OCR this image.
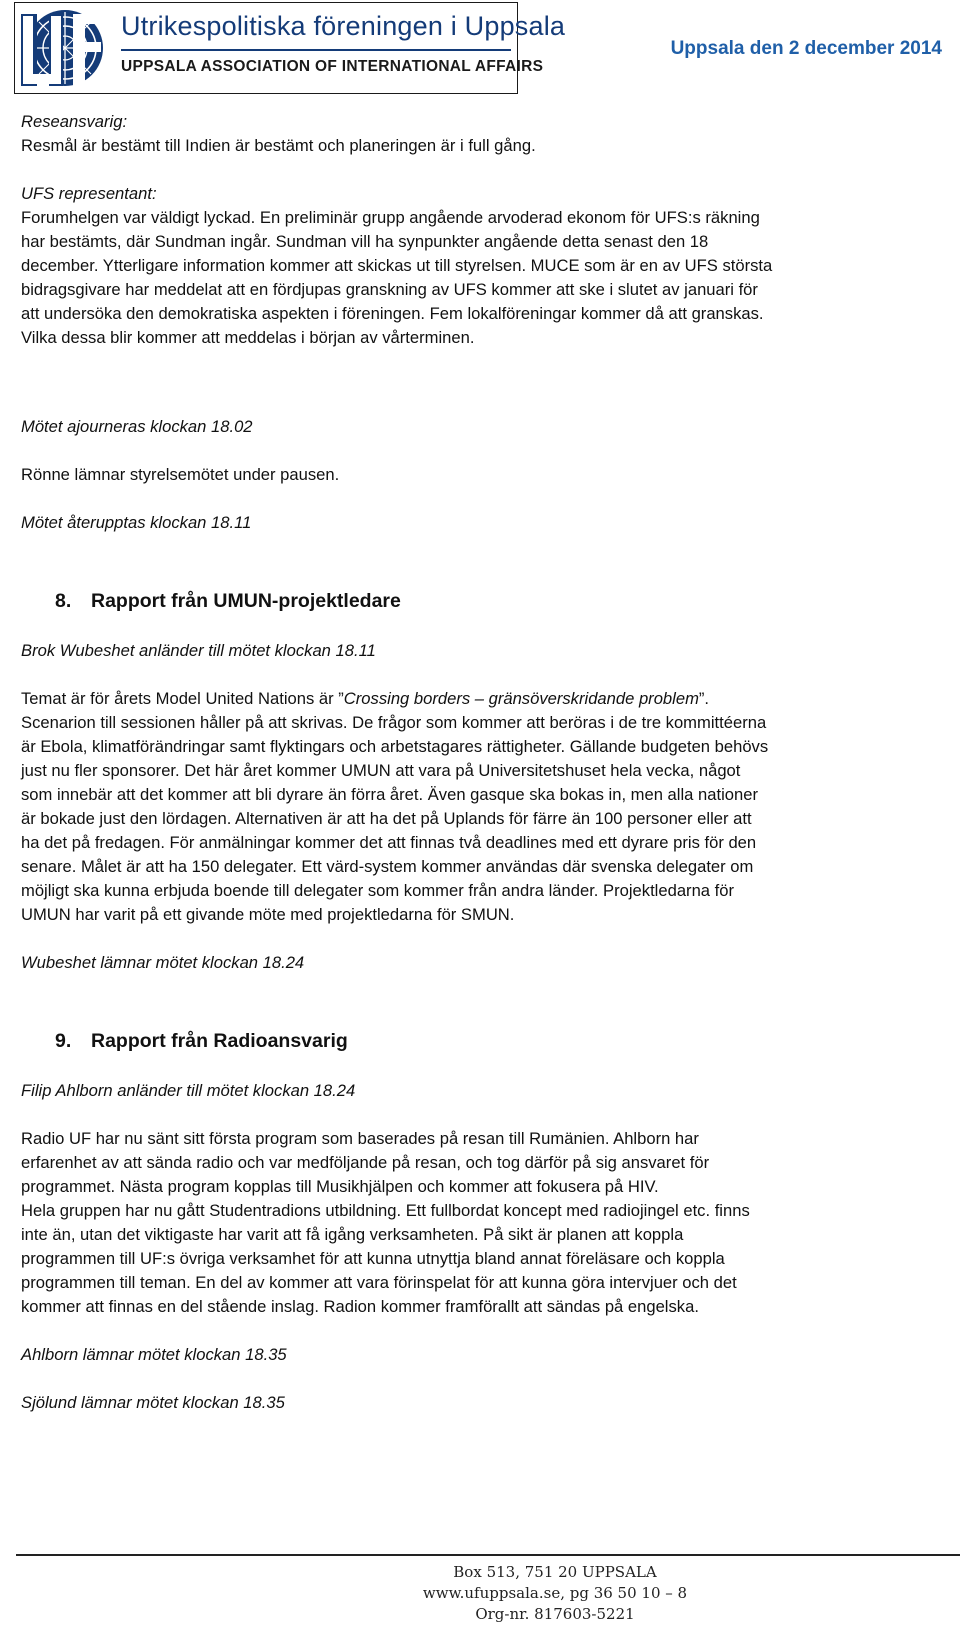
Utrikespolitiska föreningen i Uppsala
UPPSALA ASSOCIATION OF INTERNATIONAL AFFAIRS
Uppsala den 2 december 2014

Reseansvarig:

Resmål är bestämt till Indien är bestämt och planeringen är i full gång.

UFS representant:

Forumhelgen var väldigt lyckad. En preliminär grupp angående arvoderad ekonom för UFS:s räkning

har bestämts, där Sundman ingår. Sundman vill ha synpunkter angående detta senast den 18

december. Ytterligare information kommer att skickas ut till styrelsen. MUCE som är en av UFS största

bidragsgivare har meddelat att en fördjupas granskning av UFS kommer att ske i slutet av januari för

att undersöka den demokratiska aspekten i föreningen. Fem lokalföreningar kommer då att granskas.

Vilka dessa blir kommer att meddelas i början av vårterminen.

Mötet ajourneras klockan 18.02

Rönne lämnar styrelsemötet under pausen.

Mötet återupptas klockan 18.11

8. Rapport från UMUN-projektledare

Brok Wubeshet anländer till mötet klockan 18.11

Temat är för årets Model United Nations är ”Crossing borders – gränsöverskridande problem”.

Scenarion till sessionen håller på att skrivas. De frågor som kommer att beröras i de tre kommittéerna

är Ebola, klimatförändringar samt flyktingars och arbetstagares rättigheter. Gällande budgeten behövs

just nu fler sponsorer. Det här året kommer UMUN att vara på Universitetshuset hela vecka, något

som innebär att det kommer att bli dyrare än förra året. Även gasque ska bokas in, men alla nationer

är bokade just den lördagen. Alternativen är att ha det på Uplands för färre än 100 personer eller att

ha det på fredagen. För anmälningar kommer det att finnas två deadlines med ett dyrare pris för den

senare. Målet är att ha 150 delegater. Ett värd-system kommer användas där svenska delegater om

möjligt ska kunna erbjuda boende till delegater som kommer från andra länder. Projektledarna för

UMUN har varit på ett givande möte med projektledarna för SMUN.

Wubeshet lämnar mötet klockan 18.24

9. Rapport från Radioansvarig

Filip Ahlborn anländer till mötet klockan 18.24

Radio UF har nu sänt sitt första program som baserades på resan till Rumänien. Ahlborn har

erfarenhet av att sända radio och var medföljande på resan, och tog därför på sig ansvaret för

programmet. Nästa program kopplas till Musikhjälpen och kommer att fokusera på HIV.

Hela gruppen har nu gått Studentradions utbildning. Ett fullbordat koncept med radiojingel etc. finns

inte än, utan det viktigaste har varit att få igång verksamheten. På sikt är planen att koppla

programmen till UF:s övriga verksamhet för att kunna utnyttja bland annat föreläsare och koppla

programmen till teman. En del av kommer att vara förinspelat för att kunna göra intervjuer och det

kommer att finnas en del stående inslag. Radion kommer framförallt att sändas på engelska.

Ahlborn lämnar mötet klockan 18.35

Sjölund lämnar mötet klockan 18.35

Box 513, 751 20 UPPSALA
www.ufuppsala.se, pg 36 50 10 – 8
Org-nr. 817603-5221
